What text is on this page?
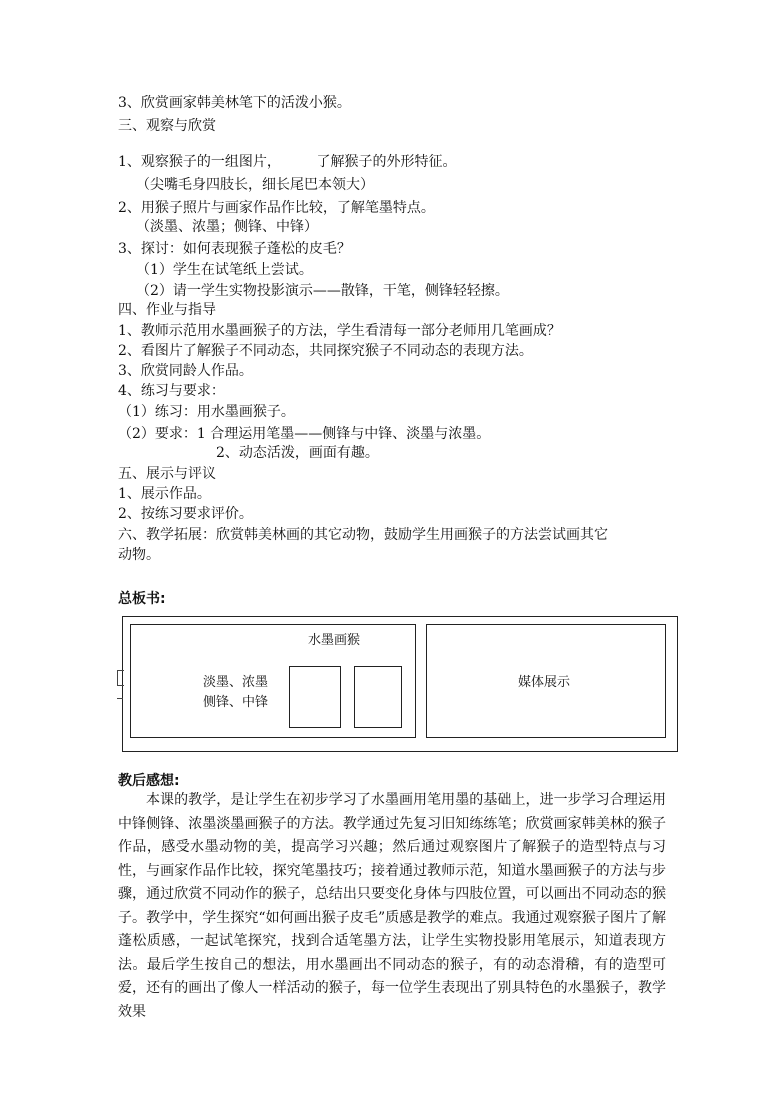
3、欣赏画家韩美林笔下的活泼小猴。
三、观察与欣赏
1、观察猴子的一组图片，        了解猴子的外形特征。
（尖嘴毛身四肢长，细长尾巴本领大）
2、用猴子照片与画家作品作比较，了解笔墨特点。
（淡墨、浓墨；侧锋、中锋）
3、探讨：如何表现猴子蓬松的皮毛？
（1）学生在试笔纸上尝试。
（2）请一学生实物投影演示——散锋，干笔，侧锋轻轻擦。
四、作业与指导
1、教师示范用水墨画猴子的方法，学生看清每一部分老师用几笔画成？
2、看图片了解猴子不同动态，共同探究猴子不同动态的表现方法。
3、欣赏同龄人作品。
4、练习与要求：
（1）练习：用水墨画猴子。
（2）要求：1 合理运用笔墨——侧锋与中锋、淡墨与浓墨。
2、动态活泼，画面有趣。
五、展示与评议
1、展示作品。
2、按练习要求评价。
六、教学拓展：欣赏韩美林画的其它动物，鼓励学生用画猴子的方法尝试画其它
动物。
总板书:
水墨画猴
淡墨、浓墨
侧锋、中锋
媒体展示
教后感想:
本课的教学，是让学生在初步学习了水墨画用笔用墨的基础上，进一步学习合理运用中锋侧锋、浓墨淡墨画猴子的方法。教学通过先复习旧知练练笔；欣赏画家韩美林的猴子作品，感受水墨动物的美，提高学习兴趣；然后通过观察图片了解猴子的造型特点与习性，与画家作品作比较，探究笔墨技巧；接着通过教师示范，知道水墨画猴子的方法与步骤，通过欣赏不同动作的猴子，总结出只要变化身体与四肢位置，可以画出不同动态的猴子。教学中，学生探究“如何画出猴子皮毛”质感是教学的难点。我通过观察猴子图片了解蓬松质感，一起试笔探究，找到合适笔墨方法，让学生实物投影用笔展示，知道表现方法。最后学生按自己的想法，用水墨画出不同动态的猴子，有的动态滑稽，有的造型可爱，还有的画出了像人一样活动的猴子，每一位学生表现出了别具特色的水墨猴子，教学效果
